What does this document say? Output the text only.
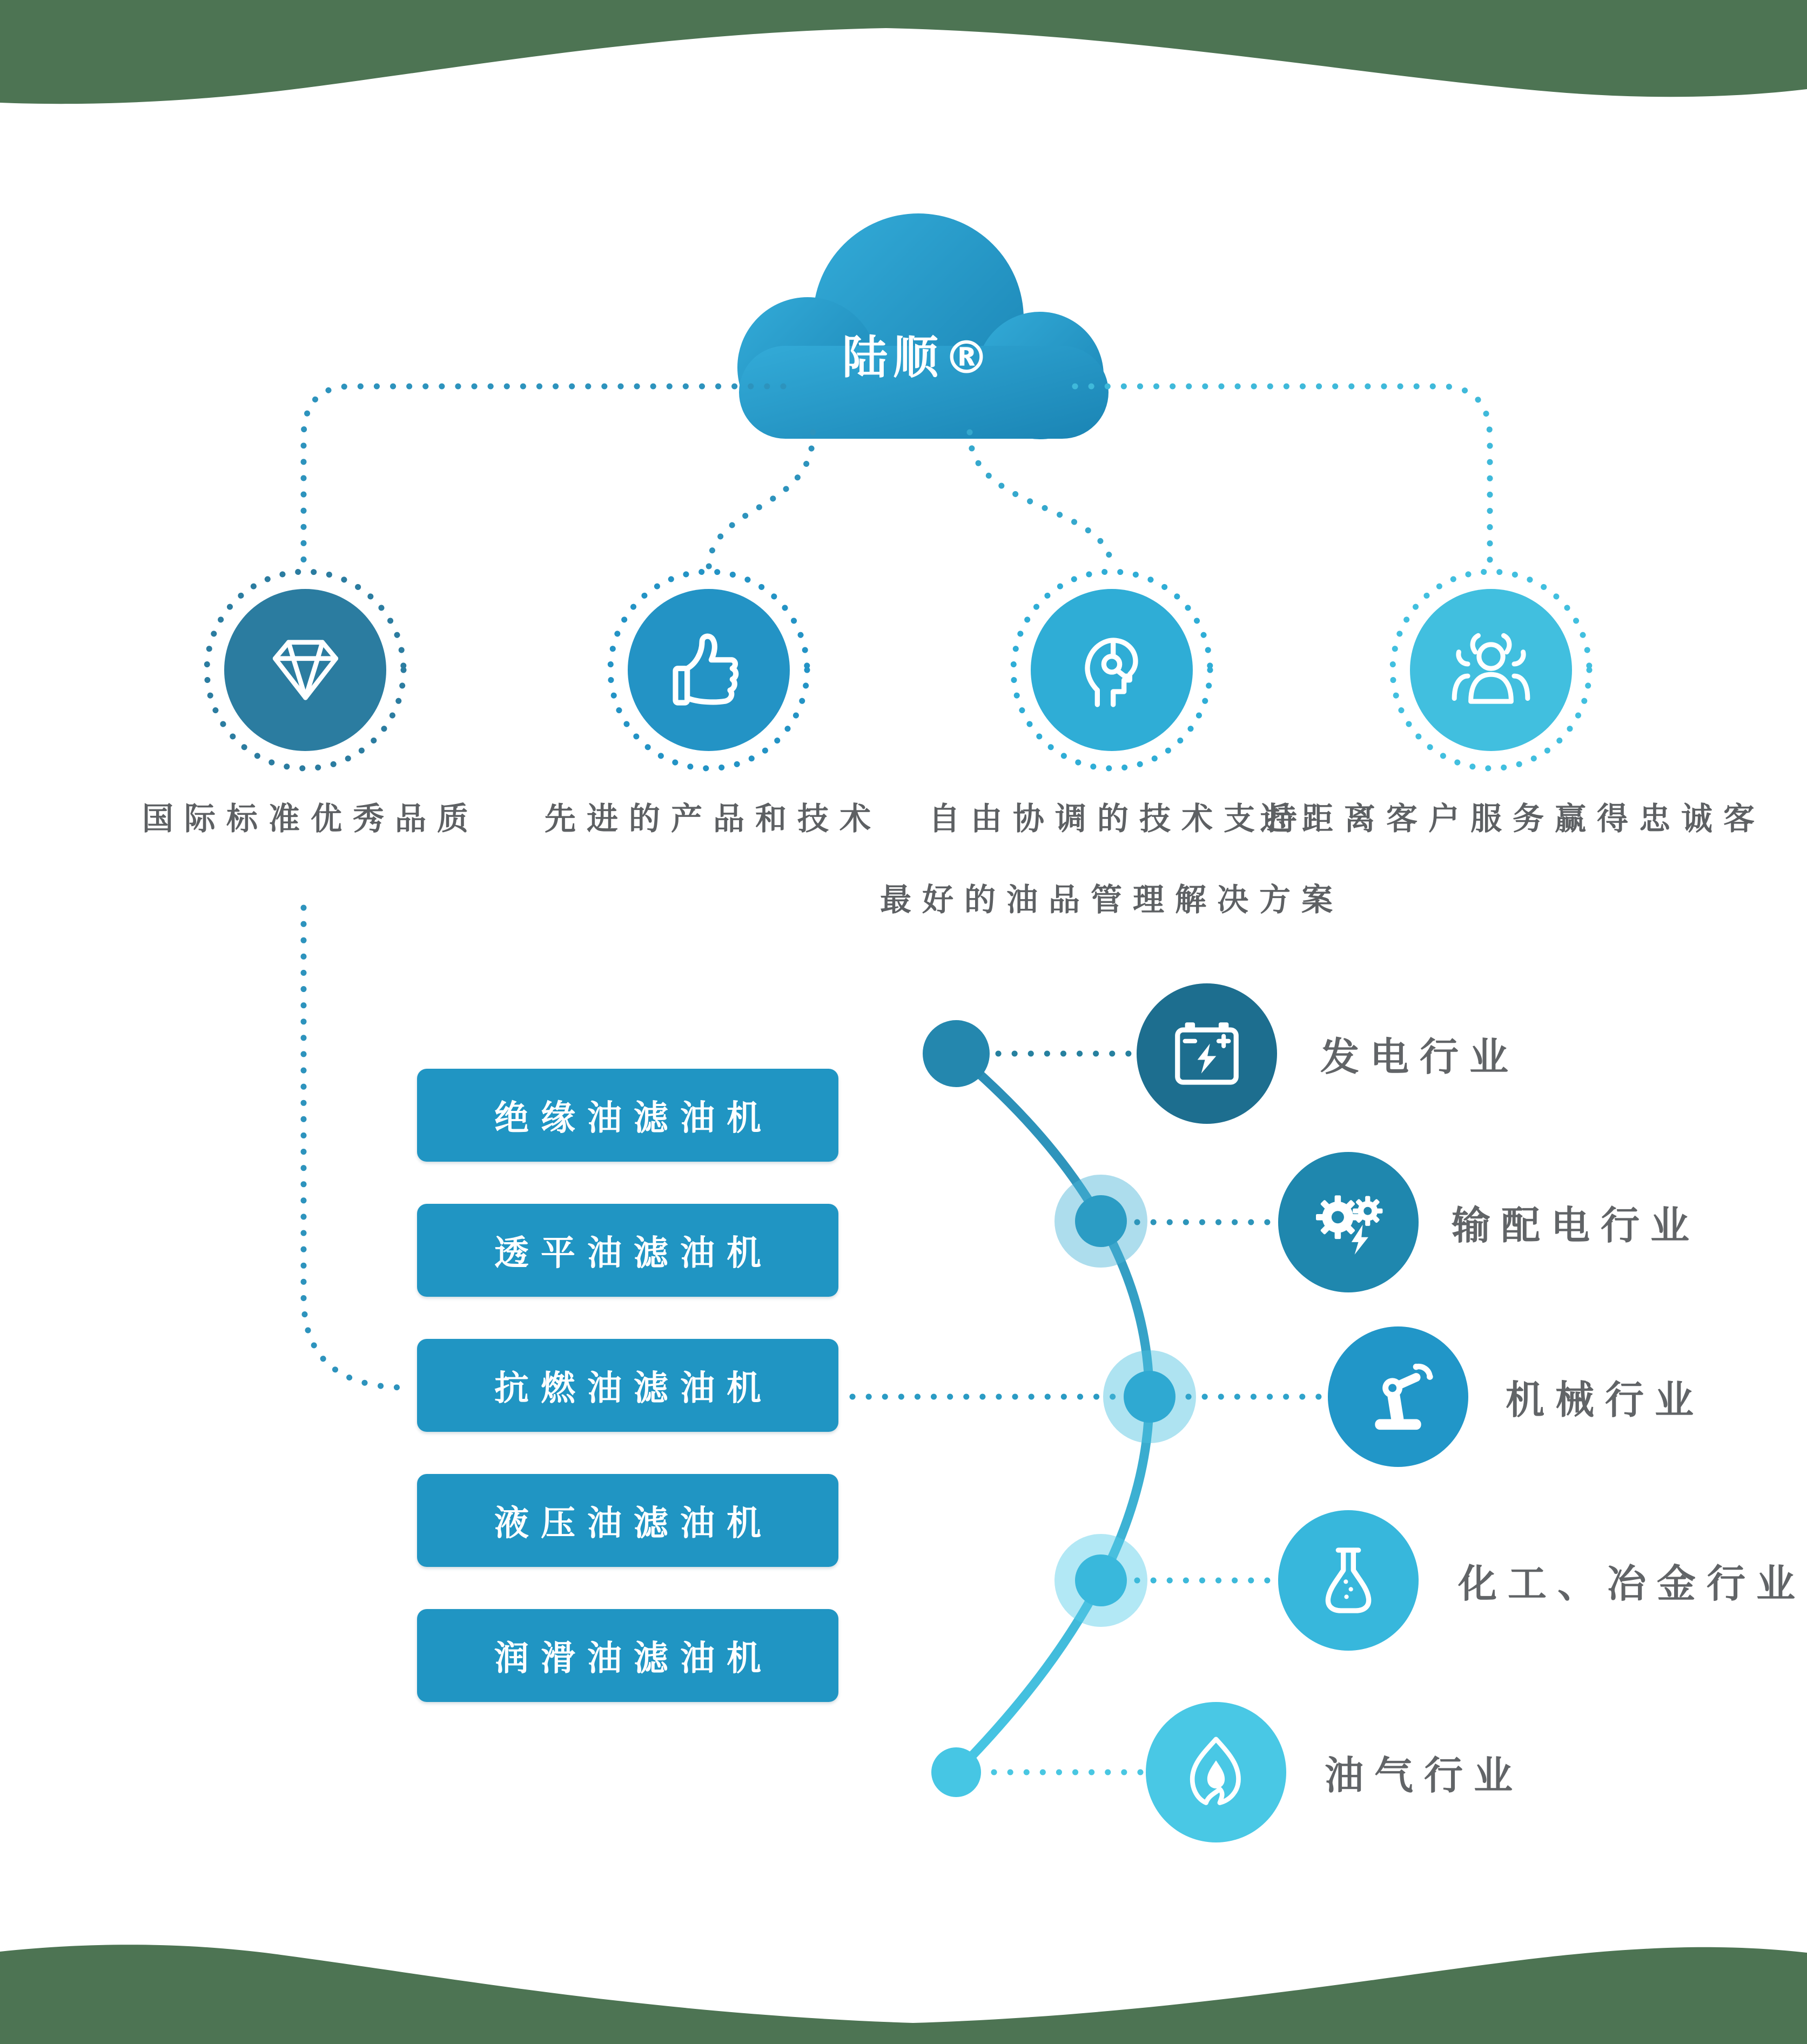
陆顺®
国际标准优秀品质 先进的产品和技术 自由协调的技术支持
近距离客户服务赢得忠诚客
最好的油品管理解决方案
绝缘油滤油机
透平油滤油机
抗燃油滤油机
液压油滤油机
润滑油滤油机
发电行业
输配电行业
机械行业
化工、冶金行业
油气行业
